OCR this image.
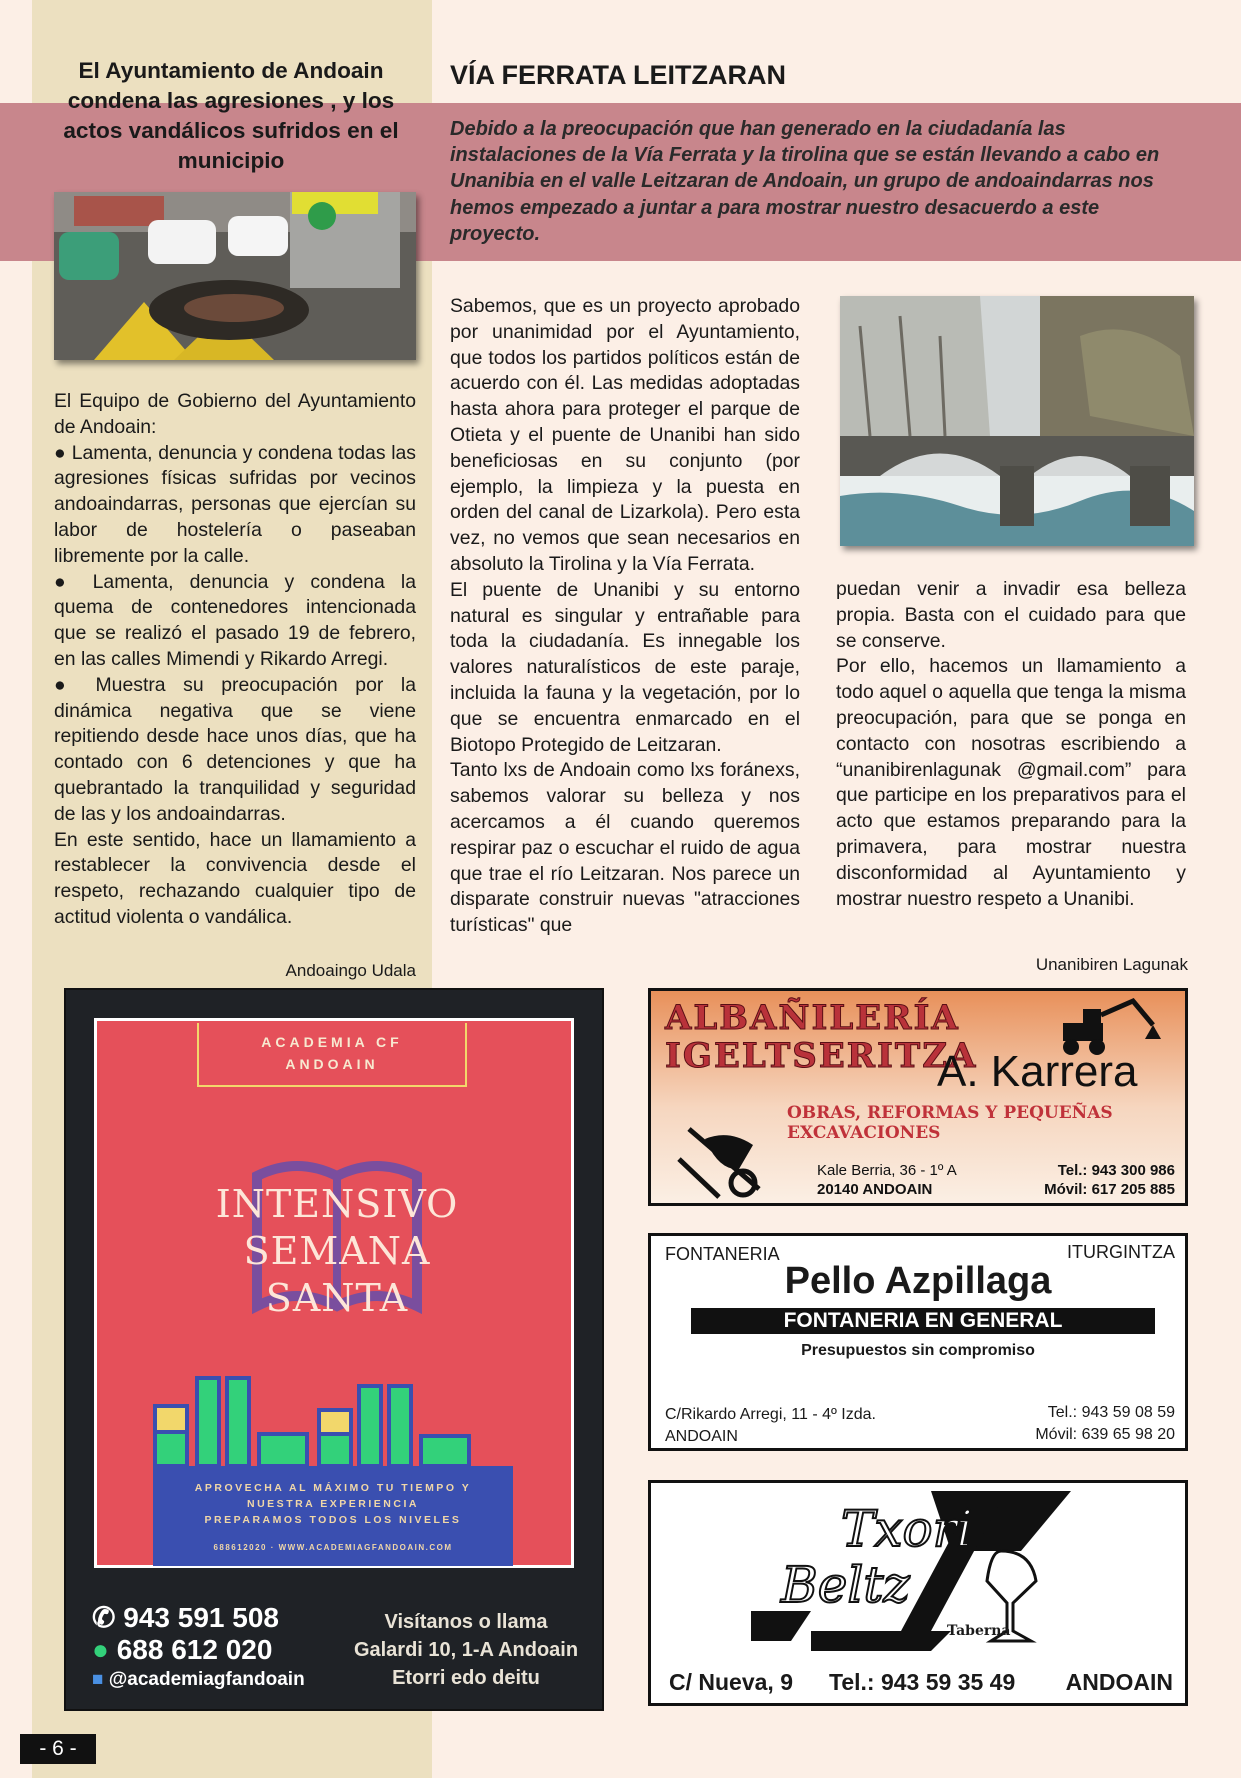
El Ayuntamiento de Andoain condena las agresiones , y los actos vandálicos sufridos en el municipio

El Equipo de Gobierno del Ayuntamiento de Andoain:

● Lamenta, denuncia y condena todas las agresiones físicas sufridas por vecinos andoaindarras, personas que ejercían su labor de hostelería o paseaban libremente por la calle.

● Lamenta, denuncia y condena la quema de contenedores intencionada que se realizó el pasado 19 de febrero, en las calles Mimendi y Rikardo Arregi.

● Muestra su preocupación por la dinámica negativa que se viene repitiendo desde hace unos días, que ha contado con 6 detenciones y que ha quebrantado la tranquilidad y seguridad de las y los andoaindarras.

En este sentido, hace un llamamiento a restablecer la convivencia desde el respeto, rechazando cualquier tipo de actitud violenta o vandálica.

Andoaingo Udala
VÍA FERRATA LEITZARAN
Debido a la preocupación que han generado en la ciudadanía las instalaciones de la Vía Ferrata y la tirolina que se están llevando a cabo en Unanibia en el valle Leitzaran de Andoain, un grupo de andoaindarras nos hemos empezado a juntar a para mostrar nuestro desacuerdo a este proyecto.

Sabemos, que es un proyecto aprobado por unanimidad por el Ayuntamiento, que todos los partidos políticos están de acuerdo con él. Las medidas adoptadas hasta ahora para proteger el parque de Otieta y el puente de Unanibi han sido beneficiosas en su conjunto (por ejemplo, la limpieza y la puesta en orden del canal de Lizarkola). Pero esta vez, no vemos que sean necesarios en absoluto la Tirolina y la Vía Ferrata.

El puente de Unanibi y su entorno natural es singular y entrañable para toda la ciudadanía. Es innegable los valores naturalísticos de este paraje, incluida la fauna y la vegetación, por lo que se encuentra enmarcado en el Biotopo Protegido de Leitzaran.

Tanto lxs de Andoain como lxs foránexs, sabemos valorar su belleza y nos acercamos a él cuando queremos respirar paz o escuchar el ruido de agua que trae el río Leitzaran. Nos parece un disparate construir nuevas "atracciones turísticas" que

puedan venir a invadir esa belleza propia. Basta con el cuidado para que se conserve.

Por ello, hacemos un llamamiento a todo aquel o aquella que tenga la misma preocupación, para que se ponga en contacto con nosotras escribiendo a “unanibirenlagunak @gmail.com” para que participe en los preparativos para el acto que estamos preparando para la primavera, para mostrar nuestra disconformidad al Ayuntamiento y mostrar nuestro respeto a Unanibi.

Unanibiren Lagunak
ACADEMIA CF
ANDOAIN
INTENSIVO
SEMANA
SANTA
APROVECHA AL MÁXIMO TU TIEMPO Y
NUESTRA EXPERIENCIA
PREPARAMOS TODOS LOS NIVELES
688612020 · WWW.ACADEMIAGFANDOAIN.COM
✆ 943 591 508
● 688 612 020
■ @academiagfandoain
Visítanos o llama
Galardi 10, 1-A Andoain
Etorri edo deitu
ALBAÑILERÍA
IGELTSERITZA
A. Karrera
OBRAS, REFORMAS Y PEQUEÑAS EXCAVACIONES
Kale Berria, 36 - 1º A
20140 ANDOAIN
Tel.: 943 300 986
Móvil: 617 205 885
FONTANERIA	ITURGINTZA
Pello Azpillaga
FONTANERIA EN GENERAL
Presupuestos sin compromiso
C/Rikardo Arregi, 11 - 4º Izda.
ANDOAIN
Tel.: 943 59 08 59
Móvil: 639 65 98 20
Txori
Beltz
Taberna
C/ Nueva, 9 Tel.: 943 59 35 49 ANDOAIN
- 6 -
